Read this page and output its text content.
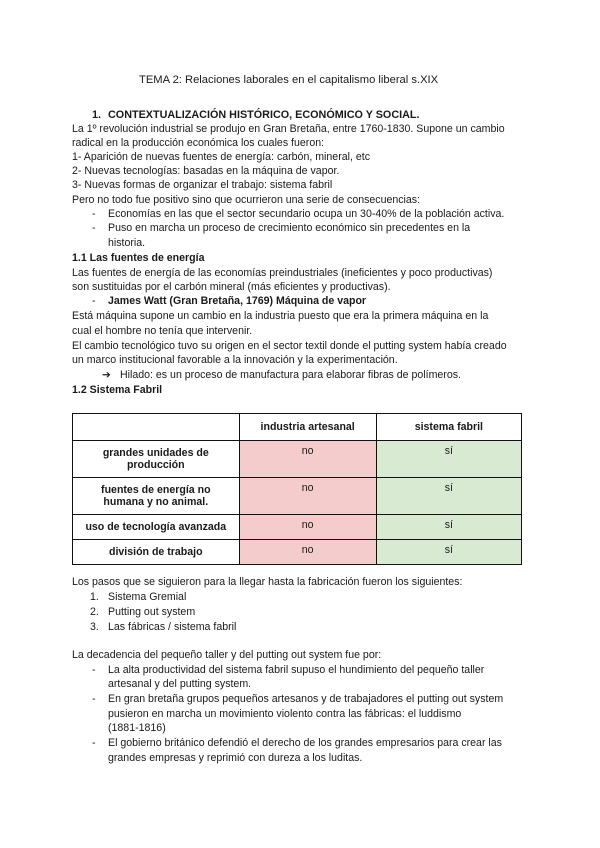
TEMA 2: Relaciones laborales en el capitalismo liberal s.XIX
1. CONTEXTUALIZACIÓN HISTÓRICO, ECONÓMICO Y SOCIAL.
La 1º revolución industrial se produjo en Gran Bretaña, entre 1760-1830. Supone un cambio
radical en la producción económica los cuales fueron:
1- Aparición de nuevas fuentes de energía: carbón, mineral, etc
2- Nuevas tecnologías: basadas en la máquina de vapor.
3- Nuevas formas de organizar el trabajo: sistema fabril
Pero no todo fue positivo sino que ocurrieron una serie de consecuencias:
- Economías en las que el sector secundario ocupa un 30-40% de la población activa.
- Puso en marcha un proceso de crecimiento económico sin precedentes en la
historia.
1.1 Las fuentes de energía
Las fuentes de energía de las economías preindustriales (ineficientes y poco productivas)
son sustituidas por el carbón mineral (más eficientes y productivas).
- James Watt (Gran Bretaña, 1769) Máquina de vapor
Está máquina supone un cambio en la industria puesto que era la primera máquina en la
cual el hombre no tenía que intervenir.
El cambio tecnológico tuvo su origen en el sector textil donde el putting system había creado
un marco institucional favorable a la innovación y la experimentación.
➔ Hilado: es un proceso de manufactura para elaborar fibras de polímeros.
1.2 Sistema Fabril
	industria artesanal	sistema fabril
grandes unidades de
producción	no	sí
fuentes de energía no
humana y no animal.	no	sí
uso de tecnología avanzada	no	sí
división de trabajo	no	sí
Los pasos que se siguieron para la llegar hasta la fabricación fueron los siguientes:
1. Sistema Gremial
2. Putting out system
3. Las fábricas / sistema fabril
La decadencia del pequeño taller y del putting out system fue por:
- La alta productividad del sistema fabril supuso el hundimiento del pequeño taller
artesanal y del putting system.
- En gran bretaña grupos pequeños artesanos y de trabajadores el putting out system
pusieron en marcha un movimiento violento contra las fábricas: el luddismo
(1881-1816)
- El gobierno británico defendió el derecho de los grandes empresarios para crear las
grandes empresas y reprimió con dureza a los luditas.
